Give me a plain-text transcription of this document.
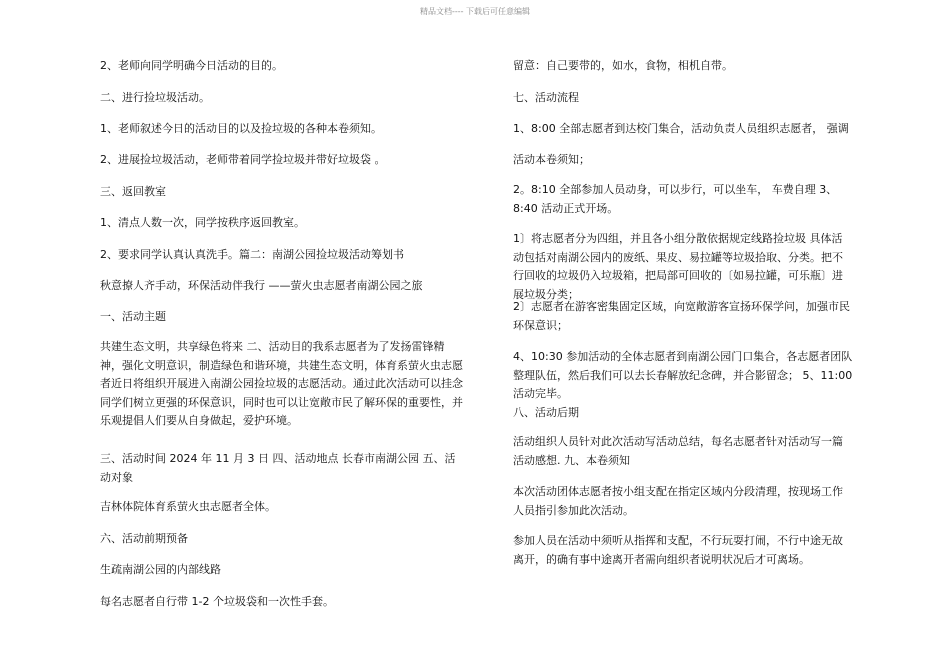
精品文档---- 下载后可任意编辑

2、老师向同学明确今日活动的目的。

二、进行捡垃圾活动。

1、老师叙述今日的活动目的以及捡垃圾的各种本卷须知。

2、进展捡垃圾活动，老师带着同学捡垃圾并带好垃圾袋 。

三、返回教室

1、清点人数一次，同学按秩序返回教室。

2、要求同学认真认真洗手。篇二：南湖公园捡垃圾活动筹划书

秋意撩人齐手动，环保活动伴我行 ——萤火虫志愿者南湖公园之旅

一、活动主题

共建生态文明，共享绿色将来 二、活动目的我系志愿者为了发扬雷锋精神，强化文明意识，制造绿色和谐环境，共建生态文明，体育系萤火虫志愿者近日将组织开展进入南湖公园捡垃圾的志愿活动。通过此次活动可以挂念同学们树立更强的环保意识，同时也可以让宽敞市民了解环保的重要性，并乐观提倡人们要从自身做起，爱护环境。

三、活动时间 2024 年 11 月 3 日 四、活动地点 长春市南湖公园 五、活动对象

吉林体院体育系萤火虫志愿者全体。

六、活动前期预备

生疏南湖公园的内部线路

每名志愿者自行带 1-2 个垃圾袋和一次性手套。

留意：自己要带的，如水，食物，相机自带。

七、活动流程

1、8:00 全部志愿者到达校门集合，活动负责人员组织志愿者， 强调

活动本卷须知；

2。8:10 全部参加人员动身，可以步行，可以坐车， 车费自理 3、8:40 活动正式开场。

1〕将志愿者分为四组，并且各小组分散依据规定线路捡垃圾 具体活动包括对南湖公园内的废纸、果皮、易拉罐等垃圾拾取、分类。把不行回收的垃圾仍入垃圾箱，把局部可回收的〔如易拉罐，可乐瓶〕进展垃圾分类；

2〕志愿者在游客密集固定区域，向宽敞游客宣扬环保学问，加强市民环保意识；

4、10:30 参加活动的全体志愿者到南湖公园门口集合，各志愿者团队整理队伍，然后我们可以去长春解放纪念碑，并合影留念； 5、11:00 活动完毕。

八、活动后期

活动组织人员针对此次活动写活动总结，每名志愿者针对活动写一篇活动感想. 九、本卷须知

本次活动团体志愿者按小组支配在指定区域内分段清理，按现场工作人员指引参加此次活动。

参加人员在活动中须听从指挥和支配，不行玩耍打闹，不行中途无故离开，的确有事中途离开者需向组织者说明状况后才可离场。
